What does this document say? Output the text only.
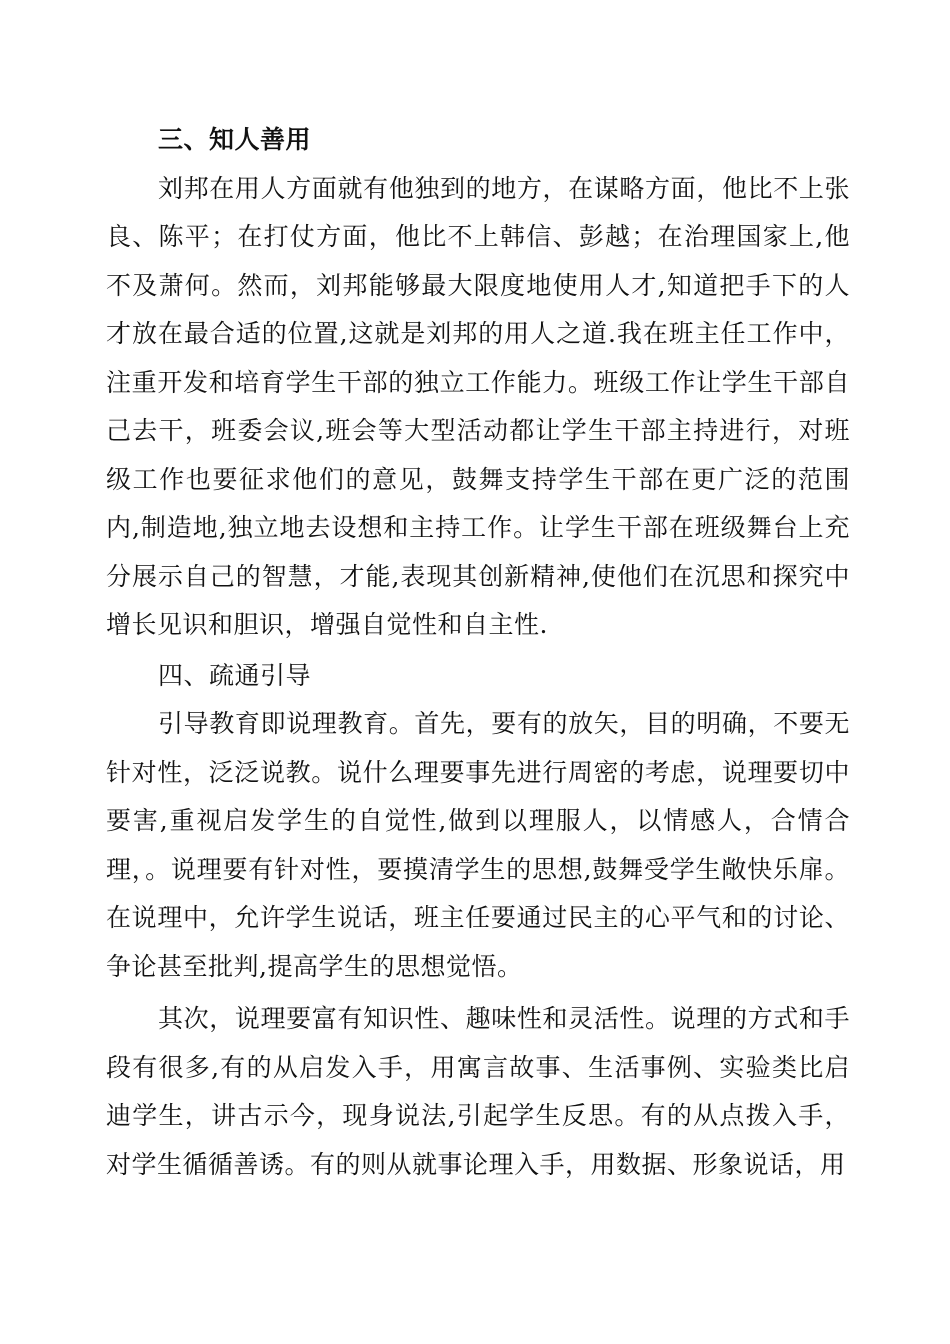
三、知人善用

刘邦在用人方面就有他独到的地方，在谋略方面，他比不上张良、陈平；在打仗方面，他比不上韩信、彭越；在治理国家上,他不及萧何。然而，刘邦能够最大限度地使用人才,知道把手下的人才放在最合适的位置,这就是刘邦的用人之道.我在班主任工作中，注重开发和培育学生干部的独立工作能力。班级工作让学生干部自己去干，班委会议,班会等大型活动都让学生干部主持进行，对班级工作也要征求他们的意见，鼓舞支持学生干部在更广泛的范围内,制造地,独立地去设想和主持工作。让学生干部在班级舞台上充分展示自己的智慧，才能,表现其创新精神,使他们在沉思和探究中增长见识和胆识，增强自觉性和自主性.

四、疏通引导

引导教育即说理教育。首先，要有的放矢，目的明确，不要无针对性，泛泛说教。说什么理要事先进行周密的考虑，说理要切中要害,重视启发学生的自觉性,做到以理服人，以情感人，合情合理，。说理要有针对性，要摸清学生的思想,鼓舞受学生敞快乐扉。在说理中，允许学生说话，班主任要通过民主的心平气和的讨论、争论甚至批判,提高学生的思想觉悟。

其次，说理要富有知识性、趣味性和灵活性。说理的方式和手段有很多,有的从启发入手，用寓言故事、生活事例、实验类比启迪学生，讲古示今，现身说法,引起学生反思。有的从点拨入手，对学生循循善诱。有的则从就事论理入手，用数据、形象说话，用
